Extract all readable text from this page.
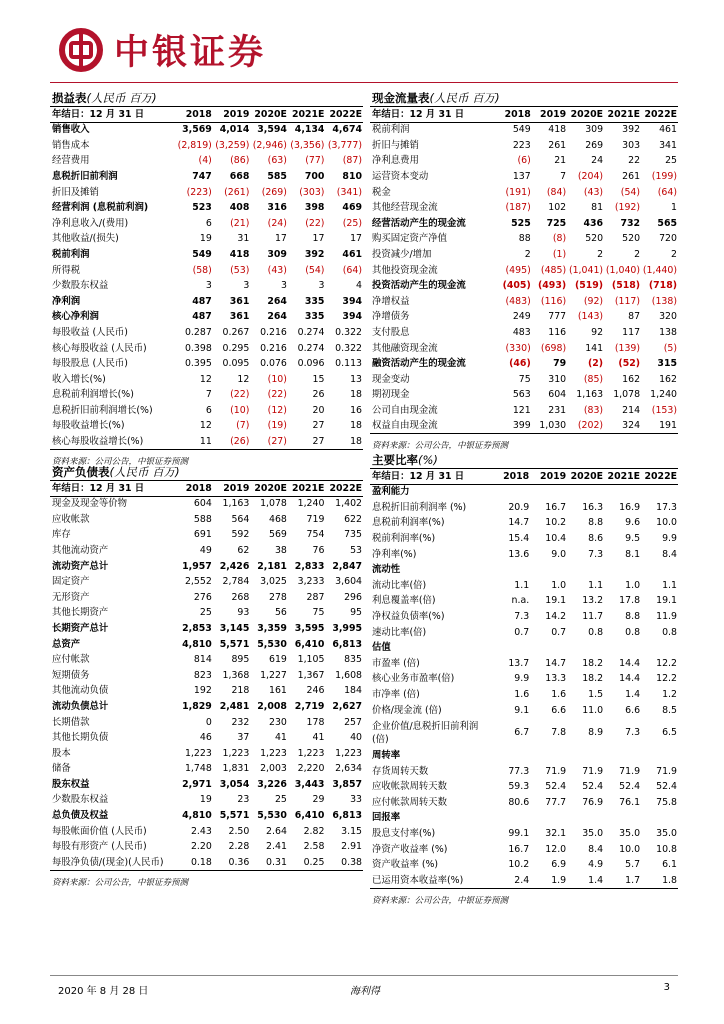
中银证券
损益表(人民币 百万)
年结日：12 月 31 日	2018	2019	2020E	2021E	2022E
销售收入	3,569	4,014	3,594	4,134	4,674
销售成本	(2,819)	(3,259)	(2,946)	(3,356)	(3,777)
经营费用	(4)	(86)	(63)	(77)	(87)
息税折旧前利润	747	668	585	700	810
折旧及摊销	(223)	(261)	(269)	(303)	(341)
经营利润 (息税前利润)	523	408	316	398	469
净利息收入/(费用)	6	(21)	(24)	(22)	(25)
其他收益/(损失)	19	31	17	17	17
税前利润	549	418	309	392	461
所得税	(58)	(53)	(43)	(54)	(64)
少数股东权益	3	3	3	3	4
净利润	487	361	264	335	394
核心净利润	487	361	264	335	394
每股收益 (人民币)	0.287	0.267	0.216	0.274	0.322
核心每股收益 (人民币)	0.398	0.295	0.216	0.274	0.322
每股股息 (人民币)	0.395	0.095	0.076	0.096	0.113
收入增长(%)	12	12	(10)	15	13
息税前利润增长(%)	7	(22)	(22)	26	18
息税折旧前利润增长(%)	6	(10)	(12)	20	16
每股收益增长(%)	12	(7)	(19)	27	18
核心每股收益增长(%)	11	(26)	(27)	27	18
资料来源：公司公告，中银证券预测
现金流量表(人民币 百万)
年结日：12 月 31 日	2018	2019	2020E	2021E	2022E
税前利润	549	418	309	392	461
折旧与摊销	223	261	269	303	341
净利息费用	(6)	21	24	22	25
运营资本变动	137	7	(204)	261	(199)
税金	(191)	(84)	(43)	(54)	(64)
其他经营现金流	(187)	102	81	(192)	1
经营活动产生的现金流	525	725	436	732	565
购买固定资产净值	88	(8)	520	520	720
投资减少/增加	2	(1)	2	2	2
其他投资现金流	(495)	(485)	(1,041)	(1,040)	(1,440)
投资活动产生的现金流	(405)	(493)	(519)	(518)	(718)
净增权益	(483)	(116)	(92)	(117)	(138)
净增债务	249	777	(143)	87	320
支付股息	483	116	92	117	138
其他融资现金流	(330)	(698)	141	(139)	(5)
融资活动产生的现金流	(46)	79	(2)	(52)	315
现金变动	75	310	(85)	162	162
期初现金	563	604	1,163	1,078	1,240
公司自由现金流	121	231	(83)	214	(153)
权益自由现金流	399	1,030	(202)	324	191
资料来源：公司公告，中银证券预测
资产负债表(人民币 百万)
年结日：12 月 31 日	2018	2019	2020E	2021E	2022E
现金及现金等价物	604	1,163	1,078	1,240	1,402
应收帐款	588	564	468	719	622
库存	691	592	569	754	735
其他流动资产	49	62	38	76	53
流动资产总计	1,957	2,426	2,181	2,833	2,847
固定资产	2,552	2,784	3,025	3,233	3,604
无形资产	276	268	278	287	296
其他长期资产	25	93	56	75	95
长期资产总计	2,853	3,145	3,359	3,595	3,995
总资产	4,810	5,571	5,530	6,410	6,813
应付帐款	814	895	619	1,105	835
短期债务	823	1,368	1,227	1,367	1,608
其他流动负债	192	218	161	246	184
流动负债总计	1,829	2,481	2,008	2,719	2,627
长期借款	0	232	230	178	257
其他长期负债	46	37	41	41	40
股本	1,223	1,223	1,223	1,223	1,223
储备	1,748	1,831	2,003	2,220	2,634
股东权益	2,971	3,054	3,226	3,443	3,857
少数股东权益	19	23	25	29	33
总负债及权益	4,810	5,571	5,530	6,410	6,813
每股帐面价值 (人民币)	2.43	2.50	2.64	2.82	3.15
每股有形资产 (人民币)	2.20	2.28	2.41	2.58	2.91
每股净负债/(现金)(人民币)	0.18	0.36	0.31	0.25	0.38
资料来源：公司公告，中银证券预测
主要比率(%)
年结日：12 月 31 日	2018	2019	2020E	2021E	2022E
盈利能力					
息税折旧前利润率 (%)	20.9	16.7	16.3	16.9	17.3
息税前利润率(%)	14.7	10.2	8.8	9.6	10.0
税前利润率(%)	15.4	10.4	8.6	9.5	9.9
净利率(%)	13.6	9.0	7.3	8.1	8.4
流动性					
流动比率(倍)	1.1	1.0	1.1	1.0	1.1
利息覆盖率(倍)	n.a.	19.1	13.2	17.8	19.1
净权益负债率(%)	7.3	14.2	11.7	8.8	11.9
速动比率(倍)	0.7	0.7	0.8	0.8	0.8
估值					
市盈率 (倍)	13.7	14.7	18.2	14.4	12.2
核心业务市盈率(倍)	9.9	13.3	18.2	14.4	12.2
市净率 (倍)	1.6	1.6	1.5	1.4	1.2
价格/现金流 (倍)	9.1	6.6	11.0	6.6	8.5
企业价值/息税折旧前利润(倍)	6.7	7.8	8.9	7.3	6.5
周转率					
存货周转天数	77.3	71.9	71.9	71.9	71.9
应收帐款周转天数	59.3	52.4	52.4	52.4	52.4
应付帐款周转天数	80.6	77.7	76.9	76.1	75.8
回报率					
股息支付率(%)	99.1	32.1	35.0	35.0	35.0
净资产收益率 (%)	16.7	12.0	8.4	10.0	10.8
资产收益率 (%)	10.2	6.9	4.9	5.7	6.1
已运用资本收益率(%)	2.4	1.9	1.4	1.7	1.8
资料来源：公司公告，中银证券预测
2020 年 8 月 28 日	海利得	3
